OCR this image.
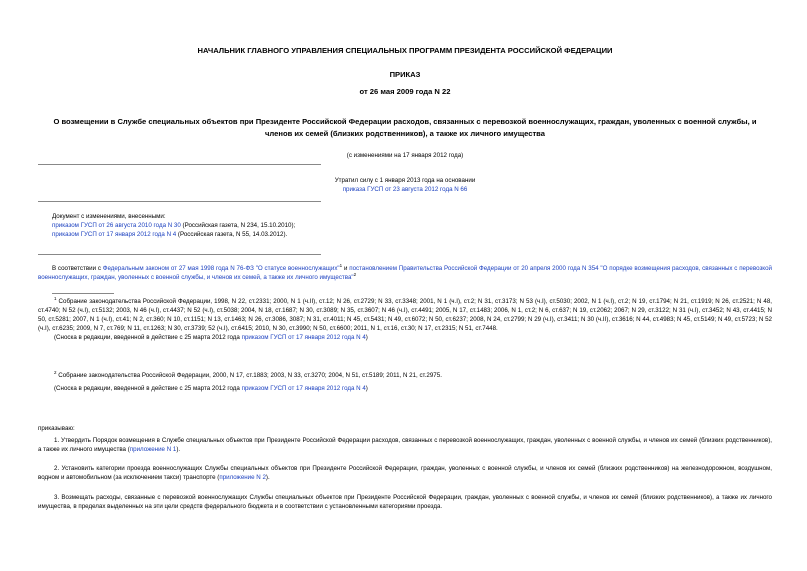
НАЧАЛЬНИК ГЛАВНОГО УПРАВЛЕНИЯ СПЕЦИАЛЬНЫХ ПРОГРАММ ПРЕЗИДЕНТА РОССИЙСКОЙ ФЕДЕРАЦИИ
ПРИКАЗ
от 26 мая 2009 года N 22
О возмещении в Службе специальных объектов при Президенте Российской Федерации расходов, связанных с перевозкой военнослужащих, граждан, уволенных с военной службы, и членов их семей (близких родственников), а также их личного имущества
(с изменениями на 17 января 2012 года)
Утратил силу с 1 января 2013 года на основании
приказа ГУСП от 23 августа 2012 года N 66
Документ с изменениями, внесенными:
приказом ГУСП от 26 августа 2010 года N 30 (Российская газета, N 234, 15.10.2010);
приказом ГУСП от 17 января 2012 года N 4 (Российская газета, N 55, 14.03.2012).
В соответствии с Федеральным законом от 27 мая 1998 года N 76-ФЗ "О статусе военнослужащих"$^1$ и постановлением Правительства Российской Федерации от 20 апреля 2000 года N 354 "О порядке возмещения расходов, связанных с перевозкой военнослужащих, граждан, уволенных с военной службы, и членов их семей, а также их личного имущества"$^2$
$^1$ Собрание законодательства Российской Федерации, 1998, N 22, ст.2331; 2000, N 1 (ч.II), ст.12; N 26, ст.2729; N 33, ст.3348; 2001, N 1 (ч.I), ст.2; N 31, ст.3173; N 53 (ч.I), ст.5030; 2002, N 1 (ч.I), ст.2; N 19, ст.1794; N 21, ст.1919; N 26, ст.2521; N 48, ст.4740; N 52 (ч.I), ст.5132; 2003, N 46 (ч.I), ст.4437; N 52 (ч.I), ст.5038; 2004, N 18, ст.1687; N 30, ст.3089; N 35, ст.3607; N 46 (ч.I), ст.4491; 2005, N 17, ст.1483; 2006, N 1, ст.2; N 6, ст.637; N 19, ст.2062; 2067; N 29, ст.3122; N 31 (ч.I), ст.3452; N 43, ст.4415; N 50, ст.5281; 2007, N 1 (ч.I), ст.41; N 2, ст.360; N 10, ст.1151; N 13, ст.1463; N 26, ст.3086, 3087; N 31, ст.4011; N 45, ст.5431; N 49, ст.6072; N 50, ст.6237; 2008, N 24, ст.2799; N 29 (ч.I), ст.3411; N 30 (ч.II), ст.3616; N 44, ст.4983; N 45, ст.5149; N 49, ст.5723; N 52 (ч.I), ст.6235; 2009, N 7, ст.769; N 11, ст.1263; N 30, ст.3739; 52 (ч.I), ст.6415; 2010, N 30, ст.3990; N 50, ст.6600; 2011, N 1, ст.16, ст.30; N 17, ст.2315; N 51, ст.7448.
(Сноска в редакции, введенной в действие с 25 марта 2012 года приказом ГУСП от 17 января 2012 года N 4)
$^2$ Собрание законодательства Российской Федерации, 2000, N 17, ст.1883; 2003, N 33, ст.3270; 2004, N 51, ст.5189; 2011, N 21, ст.2975.
(Сноска в редакции, введенной в действие с 25 марта 2012 года приказом ГУСП от 17 января 2012 года N 4)
приказываю:
1. Утвердить Порядок возмещения в Службе специальных объектов при Президенте Российской Федерации расходов, связанных с перевозкой военнослужащих, граждан, уволенных с военной службы, и членов их семей (близких родственников), а также их личного имущества (приложение N 1).
2. Установить категории проезда военнослужащих Службы специальных объектов при Президенте Российской Федерации, граждан, уволенных с военной службы, и членов их семей (близких родственников) на железнодорожном, воздушном, водном и автомобильном (за исключением такси) транспорте (приложение N 2).
3. Возмещать расходы, связанные с перевозкой военнослужащих Службы специальных объектов при Президенте Российской Федерации, граждан, уволенных с военной службы, и членов их семей (близких родственников), а также их личного имущества, в пределах выделенных на эти цели средств федерального бюджета и в соответствии с установленными категориями проезда.
